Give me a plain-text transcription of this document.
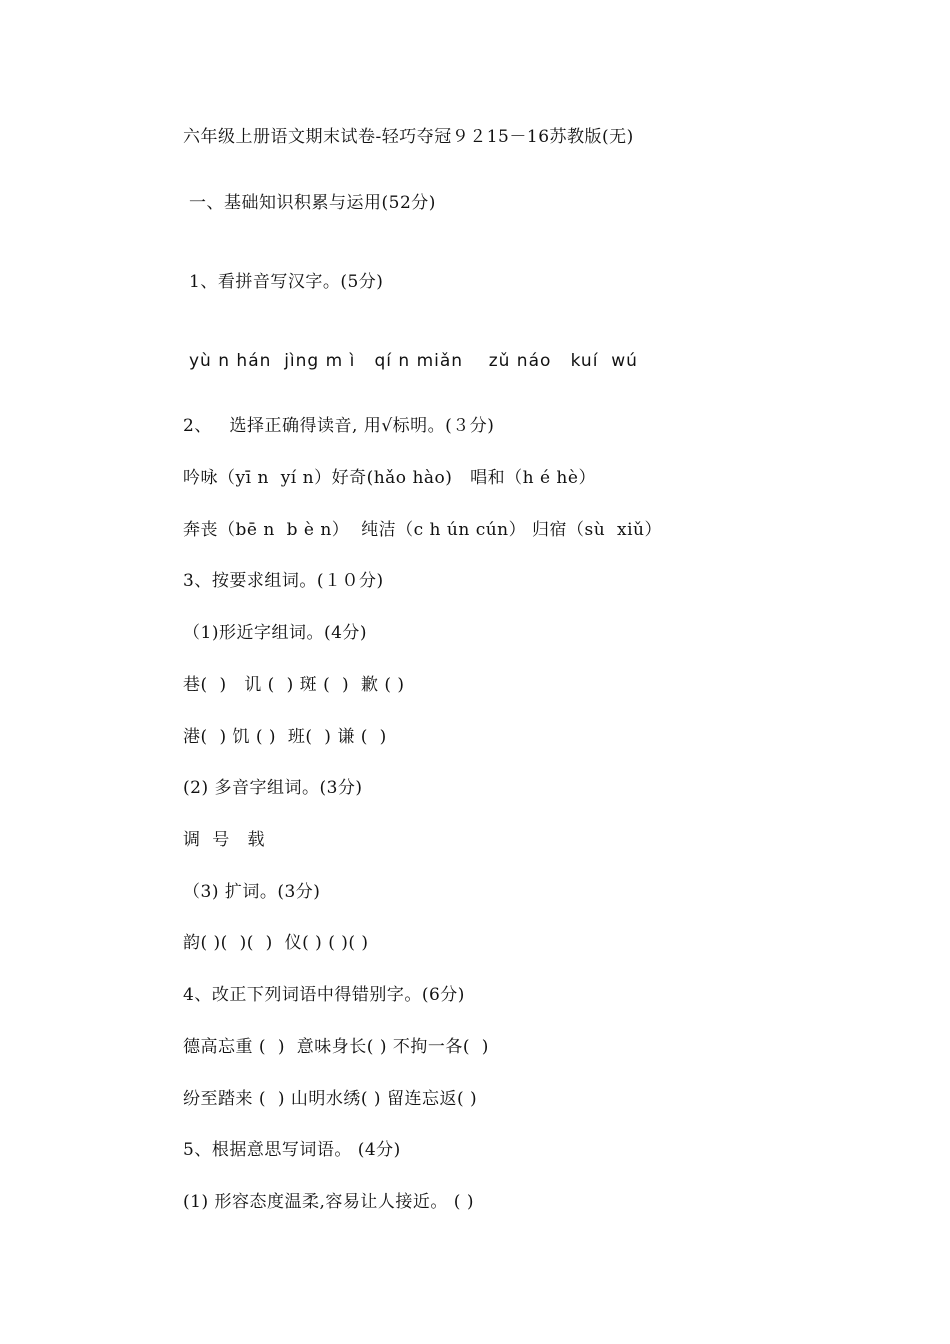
六年级上册语文期末试卷-轻巧夺冠９２15－16苏教版(无)

一、基础知识积累与运用(52分)

1、看拼音写汉字。(5分)

yù n hán  jìng m ì   qí n miǎn    zǔ náo   kuí  wú

2、   选择正确得读音, 用√标明。(３分)

吟咏（yī n  yí n）好奇(hǎo hào)   唱和（h é hè）

奔丧（bē n  b è n）  纯洁（c h ún cún） 归宿（sù  xiǔ）

3、按要求组词。(１０分)

（1)形近字组词。(4分)

巷(  )   讥 (  ) 斑 (  )  歉 ( )

港(  ) 饥 ( )  班(  ) 谦 (  )

(2) 多音字组词。(3分)

调  号   载

（3) 扩词。(3分)

韵( )(  )(  )  仪( ) ( )( )

4、改正下列词语中得错别字。(6分)

德高忘重 (  )  意味身长( ) 不拘一各(  )

纷至踏来 (  ) 山明水绣( ) 留连忘返( )

5、根据意思写词语。 (4分)

(1) 形容态度温柔,容易让人接近。 ( )
